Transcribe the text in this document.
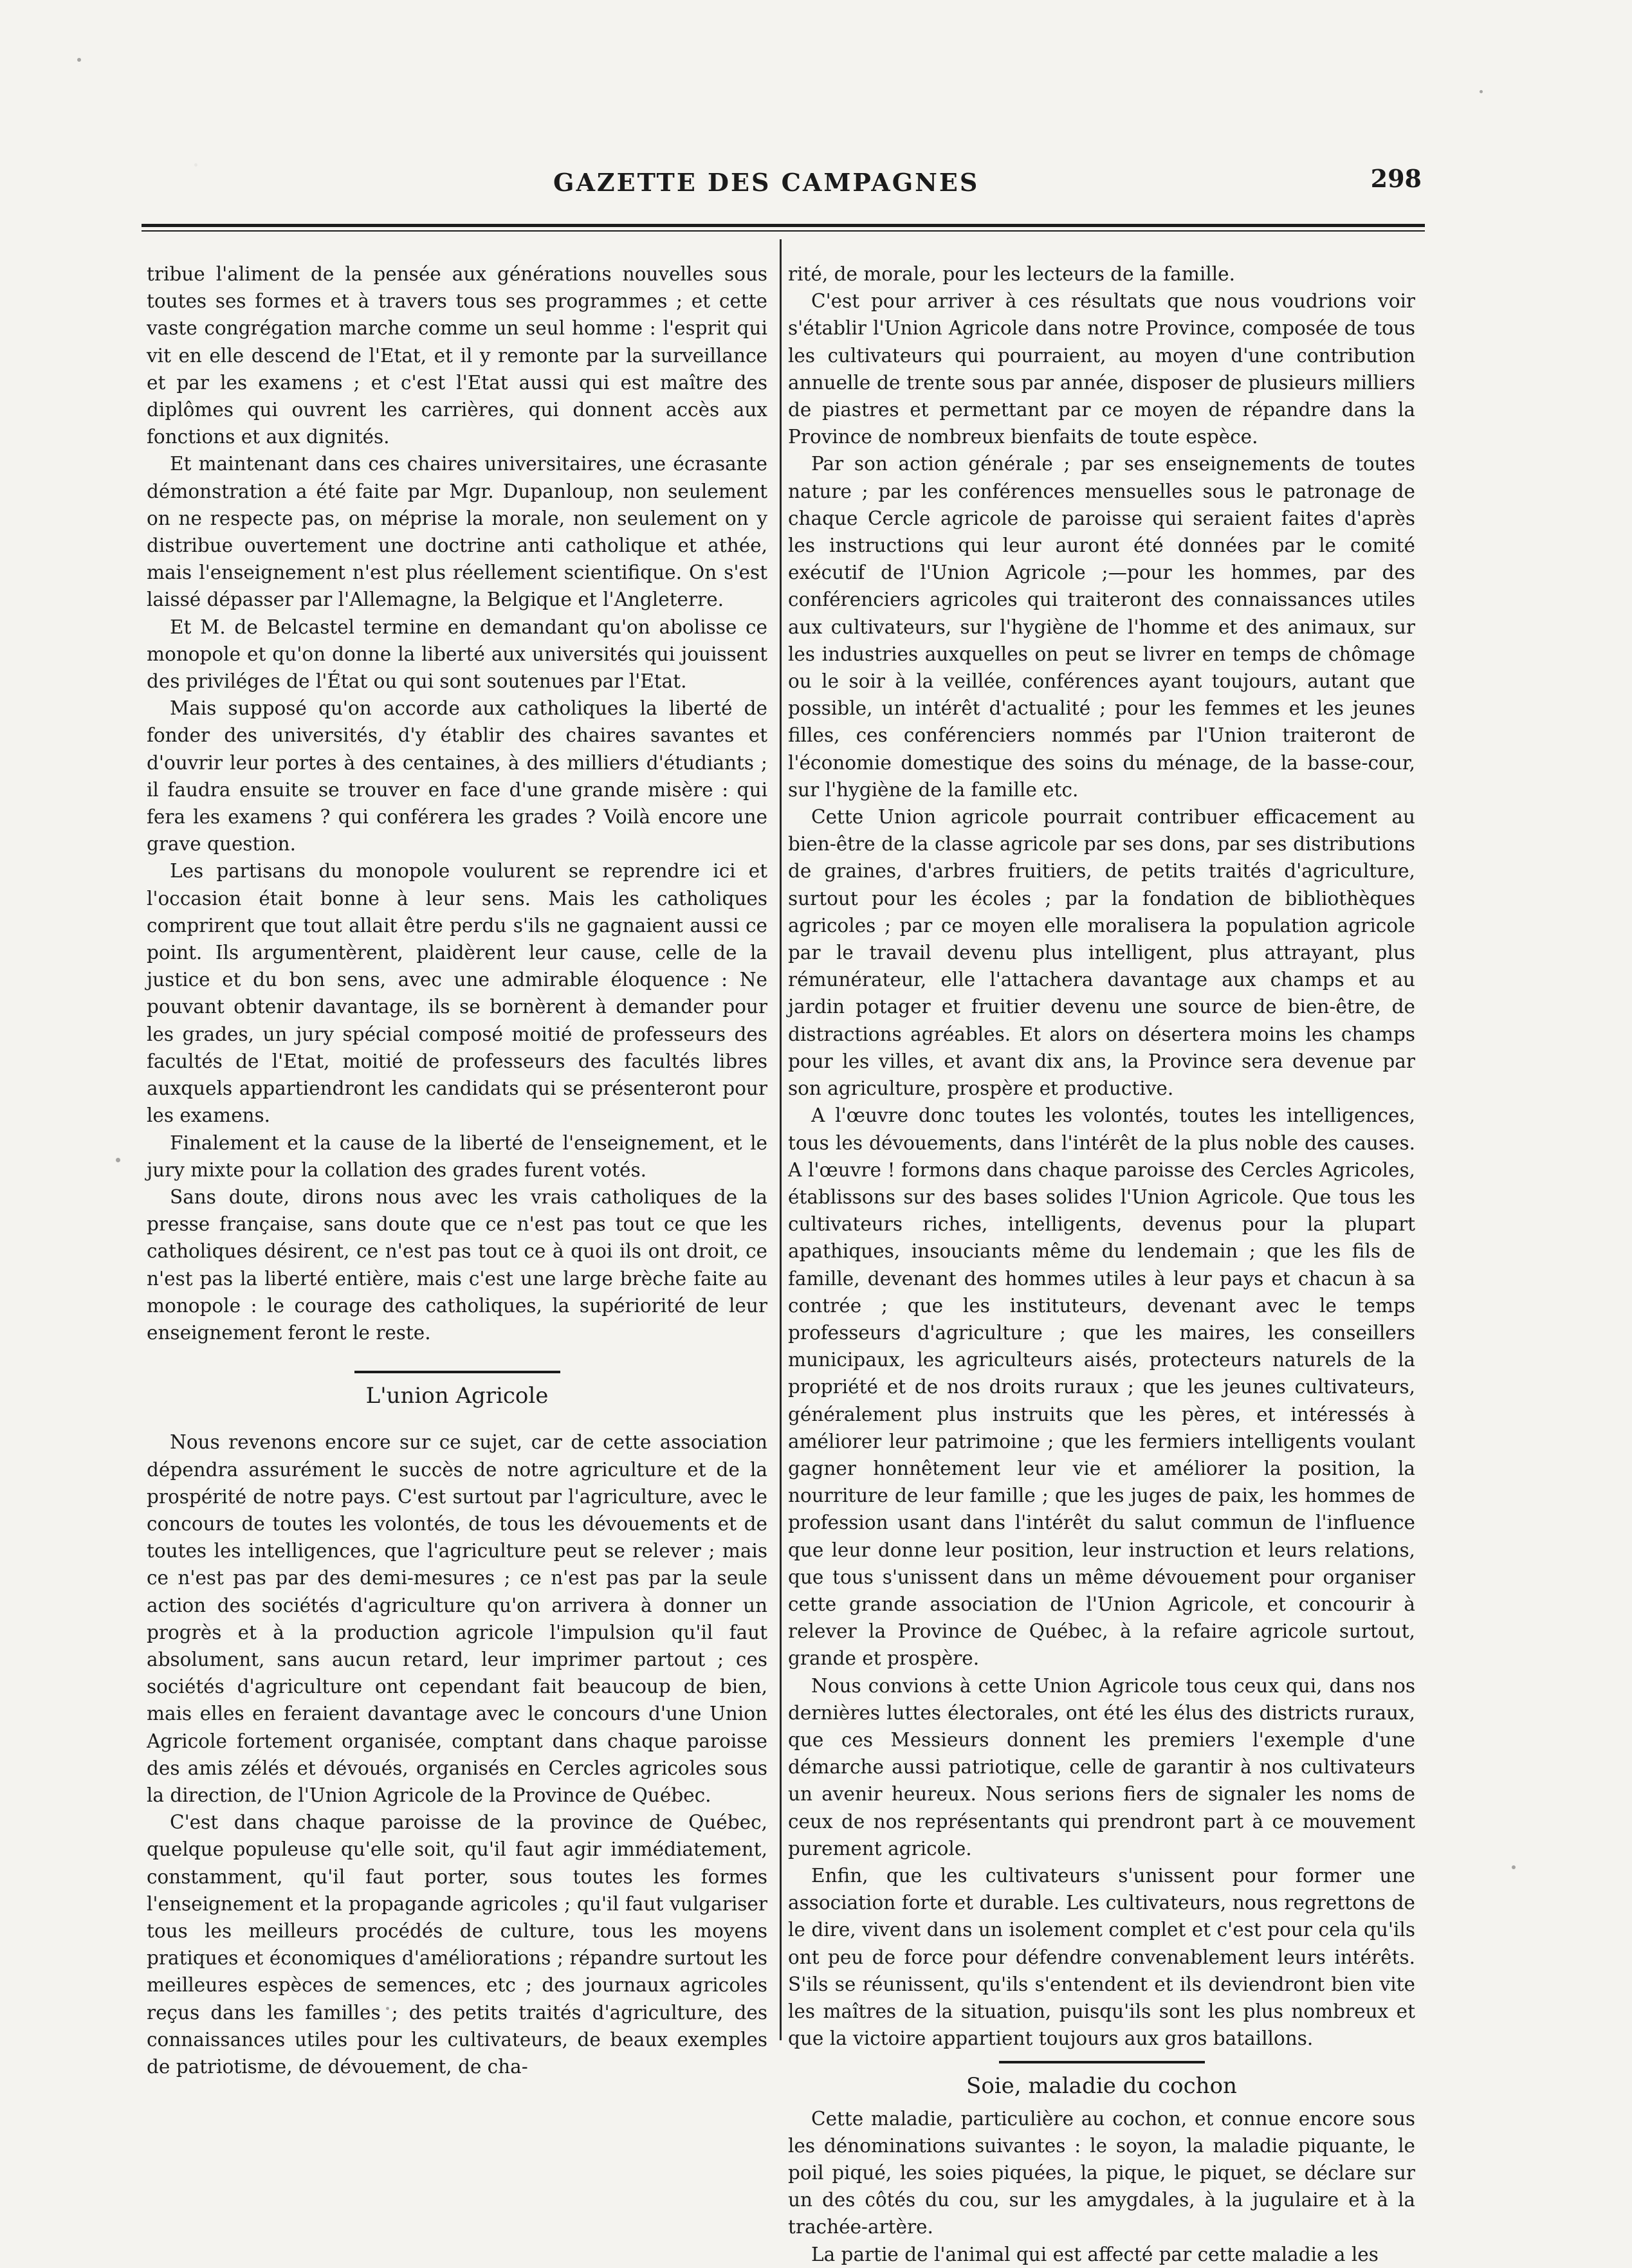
GAZETTE DES CAMPAGNES	298

tribue l'aliment de la pensée aux générations nouvelles sous toutes ses formes et à travers tous ses programmes ; et cette vaste congrégation marche comme un seul homme : l'esprit qui vit en elle descend de l'Etat, et il y remonte par la surveillance et par les examens ; et c'est l'Etat aussi qui est maître des diplômes qui ouvrent les carrières, qui donnent accès aux fonctions et aux dignités.

Et maintenant dans ces chaires universitaires, une écrasante démonstration a été faite par Mgr. Dupanloup, non seulement on ne respecte pas, on méprise la morale, non seulement on y distribue ouvertement une doctrine anti catholique et athée, mais l'enseignement n'est plus réellement scientifique. On s'est laissé dépasser par l'Allemagne, la Belgique et l'Angleterre.

Et M. de Belcastel termine en demandant qu'on abolisse ce monopole et qu'on donne la liberté aux universités qui jouissent des priviléges de l'État ou qui sont soutenues par l'Etat.

Mais supposé qu'on accorde aux catholiques la liberté de fonder des universités, d'y établir des chaires savantes et d'ouvrir leur portes à des centaines, à des milliers d'étudiants ; il faudra ensuite se trouver en face d'une grande misère : qui fera les examens ? qui conférera les grades ? Voilà encore une grave question.

Les partisans du monopole voulurent se reprendre ici et l'occasion était bonne à leur sens. Mais les catholiques comprirent que tout allait être perdu s'ils ne gagnaient aussi ce point. Ils argumentèrent, plaidèrent leur cause, celle de la justice et du bon sens, avec une admirable éloquence : Ne pouvant obtenir davantage, ils se bornèrent à demander pour les grades, un jury spécial composé moitié de professeurs des facultés de l'Etat, moitié de professeurs des facultés libres auxquels appartiendront les candidats qui se présenteront pour les examens.

Finalement et la cause de la liberté de l'enseignement, et le jury mixte pour la collation des grades furent votés.

Sans doute, dirons nous avec les vrais catholiques de la presse française, sans doute que ce n'est pas tout ce que les catholiques désirent, ce n'est pas tout ce à quoi ils ont droit, ce n'est pas la liberté entière, mais c'est une large brèche faite au monopole : le courage des catholiques, la supériorité de leur enseignement feront le reste.

L'union Agricole

Nous revenons encore sur ce sujet, car de cette association dépendra assurément le succès de notre agriculture et de la prospérité de notre pays. C'est surtout par l'agriculture, avec le concours de toutes les volontés, de tous les dévouements et de toutes les intelligences, que l'agriculture peut se relever ; mais ce n'est pas par des demi-mesures ; ce n'est pas par la seule action des sociétés d'agriculture qu'on arrivera à donner un progrès et à la production agricole l'impulsion qu'il faut absolument, sans aucun retard, leur imprimer partout ; ces sociétés d'agriculture ont cependant fait beaucoup de bien, mais elles en feraient davantage avec le concours d'une Union Agricole fortement organisée, comptant dans chaque paroisse des amis zélés et dévoués, organisés en Cercles agricoles sous la direction, de l'Union Agricole de la Province de Québec.

C'est dans chaque paroisse de la province de Québec, quelque populeuse qu'elle soit, qu'il faut agir immédiatement, constamment, qu'il faut porter, sous toutes les formes l'enseignement et la propagande agricoles ; qu'il faut vulgariser tous les meilleurs procédés de culture, tous les moyens pratiques et économiques d'améliorations ; répandre surtout les meilleures espèces de semences, etc ; des journaux agricoles reçus dans les familles ; des petits traités d'agriculture, des connaissances utiles pour les cultivateurs, de beaux exemples de patriotisme, de dévouement, de cha-

rité, de morale, pour les lecteurs de la famille.

C'est pour arriver à ces résultats que nous voudrions voir s'établir l'Union Agricole dans notre Province, composée de tous les cultivateurs qui pourraient, au moyen d'une contribution annuelle de trente sous par année, disposer de plusieurs milliers de piastres et permettant par ce moyen de répandre dans la Province de nombreux bienfaits de toute espèce.

Par son action générale ; par ses enseignements de toutes nature ; par les conférences mensuelles sous le patronage de chaque Cercle agricole de paroisse qui seraient faites d'après les instructions qui leur auront été données par le comité exécutif de l'Union Agricole ;—pour les hommes, par des conférenciers agricoles qui traiteront des connaissances utiles aux cultivateurs, sur l'hygiène de l'homme et des animaux, sur les industries auxquelles on peut se livrer en temps de chômage ou le soir à la veillée, conférences ayant toujours, autant que possible, un intérêt d'actualité ; pour les femmes et les jeunes filles, ces conférenciers nommés par l'Union traiteront de l'économie domestique des soins du ménage, de la basse-cour, sur l'hygiène de la famille etc.

Cette Union agricole pourrait contribuer efficacement au bien-être de la classe agricole par ses dons, par ses distributions de graines, d'arbres fruitiers, de petits traités d'agriculture, surtout pour les écoles ; par la fondation de bibliothèques agricoles ; par ce moyen elle moralisera la population agricole par le travail devenu plus intelligent, plus attrayant, plus rémunérateur, elle l'attachera davantage aux champs et au jardin potager et fruitier devenu une source de bien-être, de distractions agréables. Et alors on désertera moins les champs pour les villes, et avant dix ans, la Province sera devenue par son agriculture, prospère et productive.

A l'œuvre donc toutes les volontés, toutes les intelligences, tous les dévouements, dans l'intérêt de la plus noble des causes. A l'œuvre ! formons dans chaque paroisse des Cercles Agricoles, établissons sur des bases solides l'Union Agricole. Que tous les cultivateurs riches, intelligents, devenus pour la plupart apathiques, insouciants même du lendemain ; que les fils de famille, devenant des hommes utiles à leur pays et chacun à sa contrée ; que les instituteurs, devenant avec le temps professeurs d'agriculture ; que les maires, les conseillers municipaux, les agriculteurs aisés, protecteurs naturels de la propriété et de nos droits ruraux ; que les jeunes cultivateurs, généralement plus instruits que les pères, et intéressés à améliorer leur patrimoine ; que les fermiers intelligents voulant gagner honnêtement leur vie et améliorer la position, la nourriture de leur famille ; que les juges de paix, les hommes de profession usant dans l'intérêt du salut commun de l'influence que leur donne leur position, leur instruction et leurs relations, que tous s'unissent dans un même dévouement pour organiser cette grande association de l'Union Agricole, et concourir à relever la Province de Québec, à la refaire agricole surtout, grande et prospère.

Nous convions à cette Union Agricole tous ceux qui, dans nos dernières luttes électorales, ont été les élus des districts ruraux, que ces Messieurs donnent les premiers l'exemple d'une démarche aussi patriotique, celle de garantir à nos cultivateurs un avenir heureux. Nous serions fiers de signaler les noms de ceux de nos représentants qui prendront part à ce mouvement purement agricole.

Enfin, que les cultivateurs s'unissent pour former une association forte et durable. Les cultivateurs, nous regrettons de le dire, vivent dans un isolement complet et c'est pour cela qu'ils ont peu de force pour défendre convenablement leurs intérêts. S'ils se réunissent, qu'ils s'entendent et ils deviendront bien vite les maîtres de la situation, puisqu'ils sont les plus nombreux et que la victoire appartient toujours aux gros bataillons.

Soie, maladie du cochon

Cette maladie, particulière au cochon, et connue encore sous les dénominations suivantes : le soyon, la maladie piquante, le poil piqué, les soies piquées, la pique, le piquet, se déclare sur un des côtés du cou, sur les amygdales, à la jugulaire et à la trachée-artère.

La partie de l'animal qui est affecté par cette maladie a les
